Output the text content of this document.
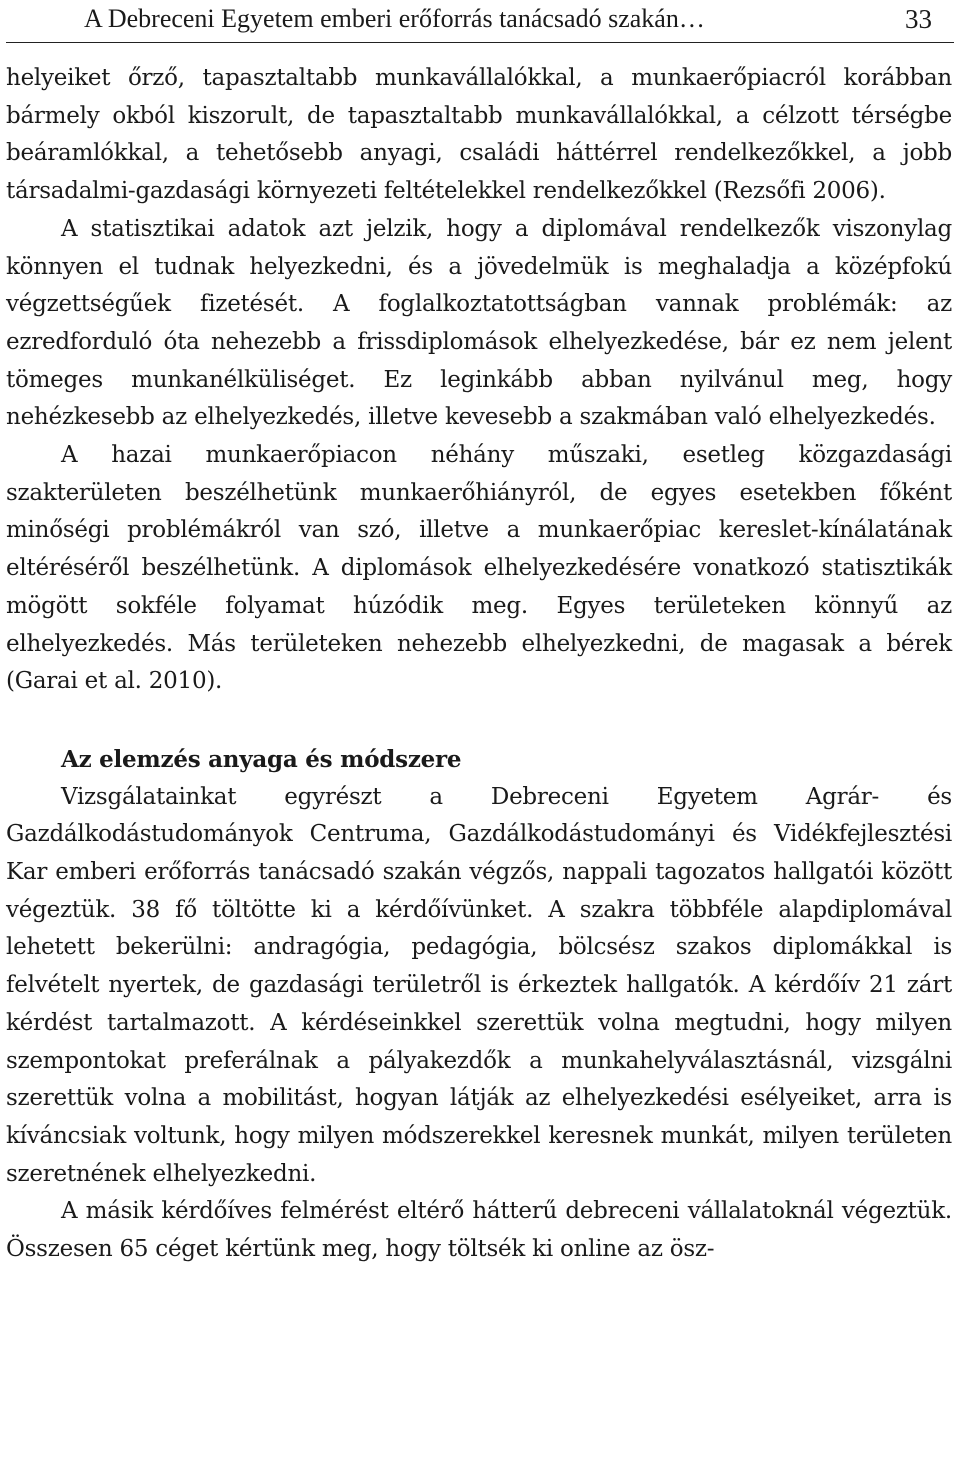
A Debreceni Egyetem emberi erőforrás tanácsadó szakán…	33

helyeiket őrző, tapasztaltabb munkavállalókkal, a munkaerőpiacról korábban bármely okból kiszorult, de tapasztaltabb munkavállalókkal, a célzott térségbe beáramlókkal, a tehetősebb anyagi, családi háttérrel rendelkezőkkel, a jobb társadalmi-gazdasági környezeti feltételekkel rendelkezőkkel (Rezsőfi 2006).

A statisztikai adatok azt jelzik, hogy a diplomával rendelkezők viszonylag könnyen el tudnak helyezkedni, és a jövedelmük is meghaladja a középfokú végzettségűek fizetését. A foglalkoztatottságban vannak problémák: az ezredforduló óta nehezebb a frissdiplomások elhelyezkedése, bár ez nem jelent tömeges munkanélküliséget. Ez leginkább abban nyilvánul meg, hogy nehézkesebb az elhelyezkedés, illetve kevesebb a szakmában való elhelyezkedés.

A hazai munkaerőpiacon néhány műszaki, esetleg közgazdasági szakterületen beszélhetünk munkaerőhiányról, de egyes esetekben főként minőségi problémákról van szó, illetve a munkaerőpiac kereslet-kínálatának eltéréséről beszélhetünk. A diplomások elhelyezkedésére vonatkozó statisztikák mögött sokféle folyamat húzódik meg. Egyes területeken könnyű az elhelyezkedés. Más területeken nehezebb elhelyezkedni, de magasak a bérek (Garai et al. 2010).

Az elemzés anyaga és módszere

Vizsgálatainkat egyrészt a Debreceni Egyetem Agrár- és Gazdálkodástudományok Centruma, Gazdálkodástudományi és Vidékfejlesztési Kar emberi erőforrás tanácsadó szakán végzős, nappali tagozatos hallgatói között végeztük. 38 fő töltötte ki a kérdőívünket. A szakra többféle alapdiplomával lehetett bekerülni: andragógia, pedagógia, bölcsész szakos diplomákkal is felvételt nyertek, de gazdasági területről is érkeztek hallgatók. A kérdőív 21 zárt kérdést tartalmazott. A kérdéseinkkel szerettük volna megtudni, hogy milyen szempontokat preferálnak a pályakezdők a munkahelyválasztásnál, vizsgálni szerettük volna a mobilitást, hogyan látják az elhelyezkedési esélyeiket, arra is kíváncsiak voltunk, hogy milyen módszerekkel keresnek munkát, milyen területen szeretnének elhelyezkedni.

A másik kérdőíves felmérést eltérő hátterű debreceni vállalatoknál végeztük. Összesen 65 céget kértünk meg, hogy töltsék ki online az ösz-
